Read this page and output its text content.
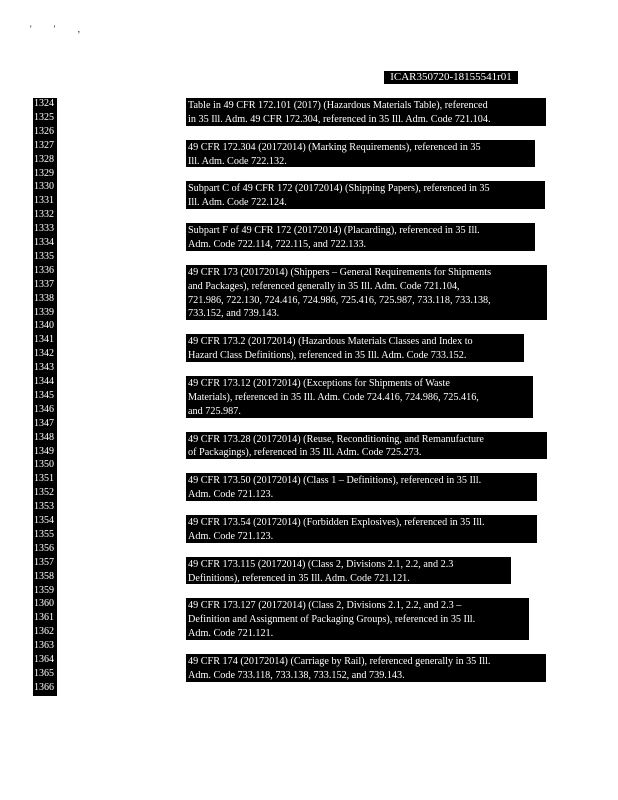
' ' ,
ICAR350720-18155541r01
1324
1325
1326
1327
1328
1329
1330
1331
1332
1333
1334
1335
1336
1337
1338
1339
1340
1341
1342
1343
1344
1345
1346
1347
1348
1349
1350
1351
1352
1353
1354
1355
1356
1357
1358
1359
1360
1361
1362
1363
1364
1365
1366
Table in 49 CFR 172.101 (2017) (Hazardous Materials Table), referenced
in 35 Ill. Adm. 49 CFR 172.304, referenced in 35 Ill. Adm. Code 721.104.
49 CFR 172.304 (20172014) (Marking Requirements), referenced in 35
Ill. Adm. Code 722.132.
Subpart C of 49 CFR 172 (20172014) (Shipping Papers), referenced in 35
Ill. Adm. Code 722.124.
Subpart F of 49 CFR 172 (20172014) (Placarding), referenced in 35 Ill.
Adm. Code 722.114, 722.115, and 722.133.
49 CFR 173 (20172014) (Shippers – General Requirements for Shipments
and Packages), referenced generally in 35 Ill. Adm. Code 721.104,
721.986, 722.130, 724.416, 724.986, 725.416, 725.987, 733.118, 733.138,
733.152, and 739.143.
49 CFR 173.2 (20172014) (Hazardous Materials Classes and Index to
Hazard Class Definitions), referenced in 35 Ill. Adm. Code 733.152.
49 CFR 173.12 (20172014) (Exceptions for Shipments of Waste
Materials), referenced in 35 Ill. Adm. Code 724.416, 724.986, 725.416,
and 725.987.
49 CFR 173.28 (20172014) (Reuse, Reconditioning, and Remanufacture
of Packagings), referenced in 35 Ill. Adm. Code 725.273.
49 CFR 173.50 (20172014) (Class 1 – Definitions), referenced in 35 Ill.
Adm. Code 721.123.
49 CFR 173.54 (20172014) (Forbidden Explosives), referenced in 35 Ill.
Adm. Code 721.123.
49 CFR 173.115 (20172014) (Class 2, Divisions 2.1, 2.2, and 2.3
Definitions), referenced in 35 Ill. Adm. Code 721.121.
49 CFR 173.127 (20172014) (Class 2, Divisions 2.1, 2.2, and 2.3 –
Definition and Assignment of Packaging Groups), referenced in 35 Ill.
Adm. Code 721.121.
49 CFR 174 (20172014) (Carriage by Rail), referenced generally in 35 Ill.
Adm. Code 733.118, 733.138, 733.152, and 739.143.
